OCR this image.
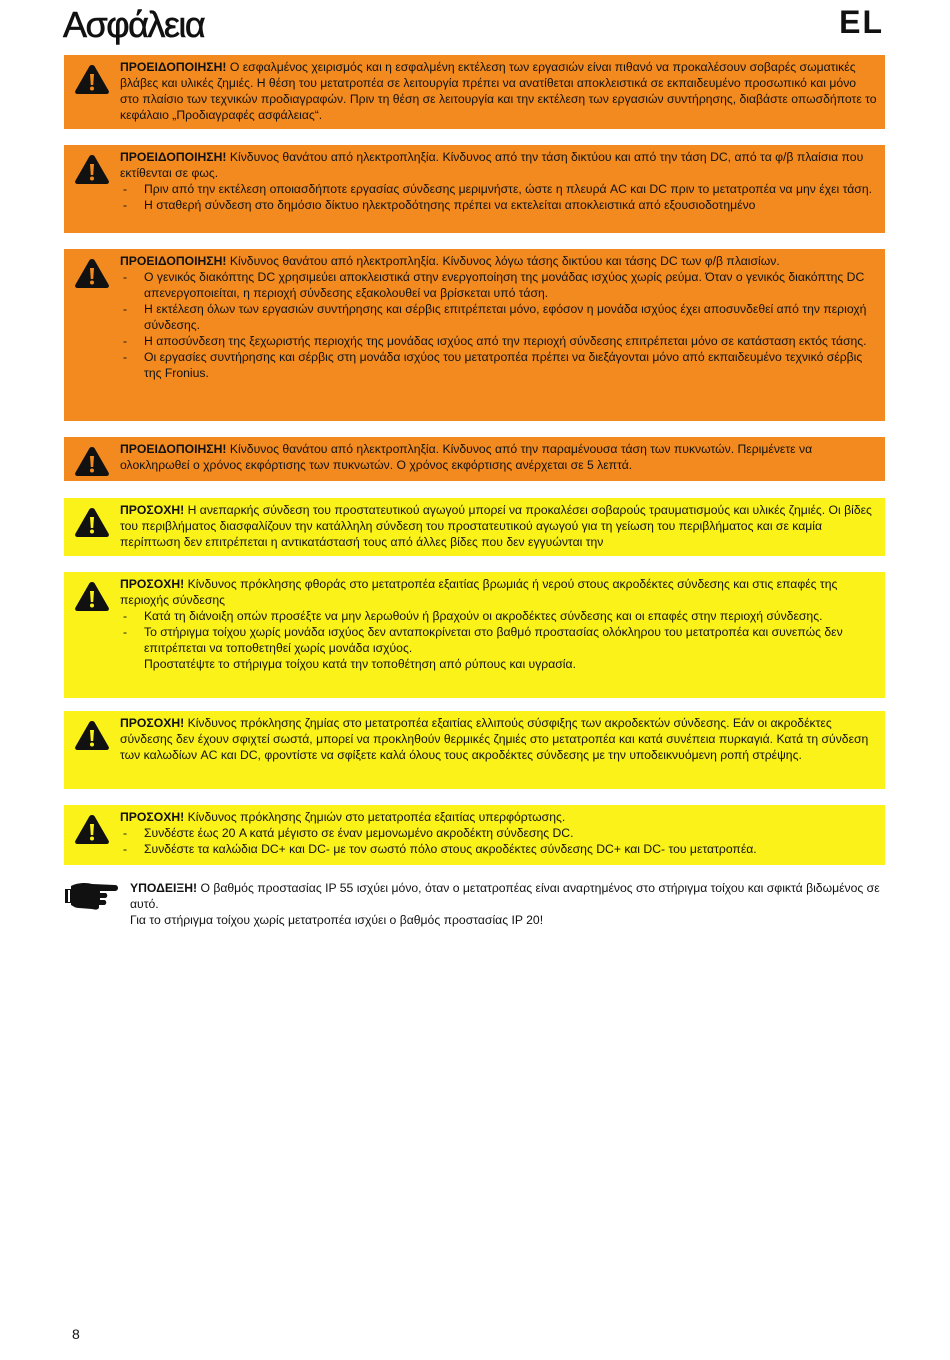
Ασφάλεια	EL
ΠΡΟΕΙΔΟΠΟΙΗΣΗ! Ο εσφαλμένος χειρισμός και η εσφαλμένη εκτέλεση των εργασιών είναι πιθανό να προκαλέσουν σοβαρές σωματικές βλάβες και υλικές ζημιές. Η θέση του μετατροπέα σε λειτουργία πρέπει να ανατίθεται αποκλειστικά σε εκπαιδευμένο προσωπικό και μόνο στο πλαίσιο των τεχνικών προδιαγραφών. Πριν τη θέση σε λειτουργία και την εκτέλεση των εργασιών συντήρησης, διαβάστε οπωσδήποτε το κεφάλαιο „Προδιαγραφές ασφάλειας“.
ΠΡΟΕΙΔΟΠΟΙΗΣΗ! Κίνδυνος θανάτου από ηλεκτροπληξία. Κίνδυνος από την τάση δικτύου και από την τάση DC, από τα φ/β πλαίσια που εκτίθενται σε φως.
- Πριν από την εκτέλεση οποιασδήποτε εργασίας σύνδεσης μεριμνήστε, ώστε η πλευρά AC και DC πριν το μετατροπέα να μην έχει τάση.
- Η σταθερή σύνδεση στο δημόσιο δίκτυο ηλεκτροδότησης πρέπει να εκτελείται αποκλειστικά από εξουσιοδοτημένο
ΠΡΟΕΙΔΟΠΟΙΗΣΗ! Κίνδυνος θανάτου από ηλεκτροπληξία. Κίνδυνος λόγω τάσης δικτύου και τάσης DC των φ/β πλαισίων.
- Ο γενικός διακόπτης DC χρησιμεύει αποκλειστικά στην ενεργοποίηση της μονάδας ισχύος χωρίς ρεύμα. Όταν ο γενικός διακόπτης DC απενεργοποιείται, η περιοχή σύνδεσης εξακολουθεί να βρίσκεται υπό τάση.
- Η εκτέλεση όλων των εργασιών συντήρησης και σέρβις επιτρέπεται μόνο, εφόσον η μονάδα ισχύος έχει αποσυνδεθεί από την περιοχή σύνδεσης.
- Η αποσύνδεση της ξεχωριστής περιοχής της μονάδας ισχύος από την περιοχή σύνδεσης επιτρέπεται μόνο σε κατάσταση εκτός τάσης.
- Οι εργασίες συντήρησης και σέρβις στη μονάδα ισχύος του μετατροπέα πρέπει να διεξάγονται μόνο από εκπαιδευμένο τεχνικό σέρβις της Fronius.
ΠΡΟΕΙΔΟΠΟΙΗΣΗ! Κίνδυνος θανάτου από ηλεκτροπληξία. Κίνδυνος από την παραμένουσα τάση των πυκνωτών. Περιμένετε να ολοκληρωθεί ο χρόνος εκφόρτισης των πυκνωτών. Ο χρόνος εκφόρτισης ανέρχεται σε 5 λεπτά.
ΠΡΟΣΟΧΗ! Η ανεπαρκής σύνδεση του προστατευτικού αγωγού μπορεί να προκαλέσει σοβαρούς τραυματισμούς και υλικές ζημιές. Οι βίδες του περιβλήματος διασφαλίζουν την κατάλληλη σύνδεση του προστατευτικού αγωγού για τη γείωση του περιβλήματος και σε καμία περίπτωση δεν επιτρέπεται η αντικατάστασή τους από άλλες βίδες που δεν εγγυώνται την
ΠΡΟΣΟΧΗ! Κίνδυνος πρόκλησης φθοράς στο μετατροπέα εξαιτίας βρωμιάς ή νερού στους ακροδέκτες σύνδεσης και στις επαφές της περιοχής σύνδεσης
- Κατά τη διάνοιξη οπών προσέξτε να μην λερωθούν ή βραχούν οι ακροδέκτες σύνδεσης και οι επαφές στην περιοχή σύνδεσης.
- Το στήριγμα τοίχου χωρίς μονάδα ισχύος δεν ανταποκρίνεται στο βαθμό προστασίας ολόκληρου του μετατροπέα και συνεπώς δεν επιτρέπεται να τοποθετηθεί χωρίς μονάδα ισχύος.
Προστατέψτε το στήριγμα τοίχου κατά την τοποθέτηση από ρύπους και υγρασία.
ΠΡΟΣΟΧΗ! Κίνδυνος πρόκλησης ζημίας στο μετατροπέα εξαιτίας ελλιπούς σύσφιξης των ακροδεκτών σύνδεσης. Εάν οι ακροδέκτες σύνδεσης δεν έχουν σφιχτεί σωστά, μπορεί να προκληθούν θερμικές ζημιές στο μετατροπέα και κατά συνέπεια πυρκαγιά. Κατά τη σύνδεση των καλωδίων AC και DC, φροντίστε να σφίξετε καλά όλους τους ακροδέκτες σύνδεσης με την υποδεικνυόμενη ροπή στρέψης.
ΠΡΟΣΟΧΗ! Κίνδυνος πρόκλησης ζημιών στο μετατροπέα εξαιτίας υπερφόρτωσης.
- Συνδέστε έως 20 A κατά μέγιστο σε έναν μεμονωμένο ακροδέκτη σύνδεσης DC.
- Συνδέστε τα καλώδια DC+ και DC- με τον σωστό πόλο στους ακροδέκτες σύνδεσης DC+ και DC- του μετατροπέα.
ΥΠΟΔΕΙΞΗ! Ο βαθμός προστασίας IP 55 ισχύει μόνο, όταν ο μετατροπέας είναι αναρτημένος στο στήριγμα τοίχου και σφικτά βιδωμένος σε αυτό.
Για το στήριγμα τοίχου χωρίς μετατροπέα ισχύει ο βαθμός προστασίας IP 20!
8
